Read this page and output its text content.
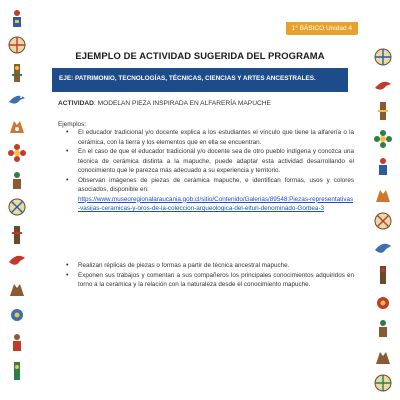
1° BÁSICO Unidad 4
EJEMPLO DE ACTIVIDAD SUGERIDA DEL PROGRAMA
EJE: PATRIMONIO, TECNOLOGÍAS, TÉCNICAS, CIENCIAS Y ARTES ANCESTRALES.
ACTIVIDAD: MODELAN PIEZA INSPIRADA EN ALFARERÍA MAPUCHE
Ejemplos:
• El educador tradicional y/o docente explica a los estudiantes el vínculo que tiene la alfarería o la cerámica, con la tierra y los elementos que en ella se encuentran.
• En el caso de que el educador tradicional y/o docente sea de otro pueblo indígena y conozca una técnica de cerámica distinta a la mapuche, puede adaptar esta actividad desarrollando el conocimiento que le parezca más adecuado a su experiencia y territorio.
• Observan imágenes de piezas de cerámica mapuche, e identifican formas, usos y colores asociados, disponible en:
https://www.museoregionalaraucania.gob.cl/sitio/Contenido/Galerias/89548:Piezas-representativas-vasijas-ceramicas-y-oros-de-la-coleccion-arqueologica-del-eltun-denominado-Gorbea-3
• Realizan réplicas de piezas o formas a partir de técnica ancestral mapuche.
• Exponen sus trabajos y comentan a sus compañeros los principales conocimientos adquiridos en torno a la cerámica y la relación con la naturaleza desde el conocimiento mapuche.
